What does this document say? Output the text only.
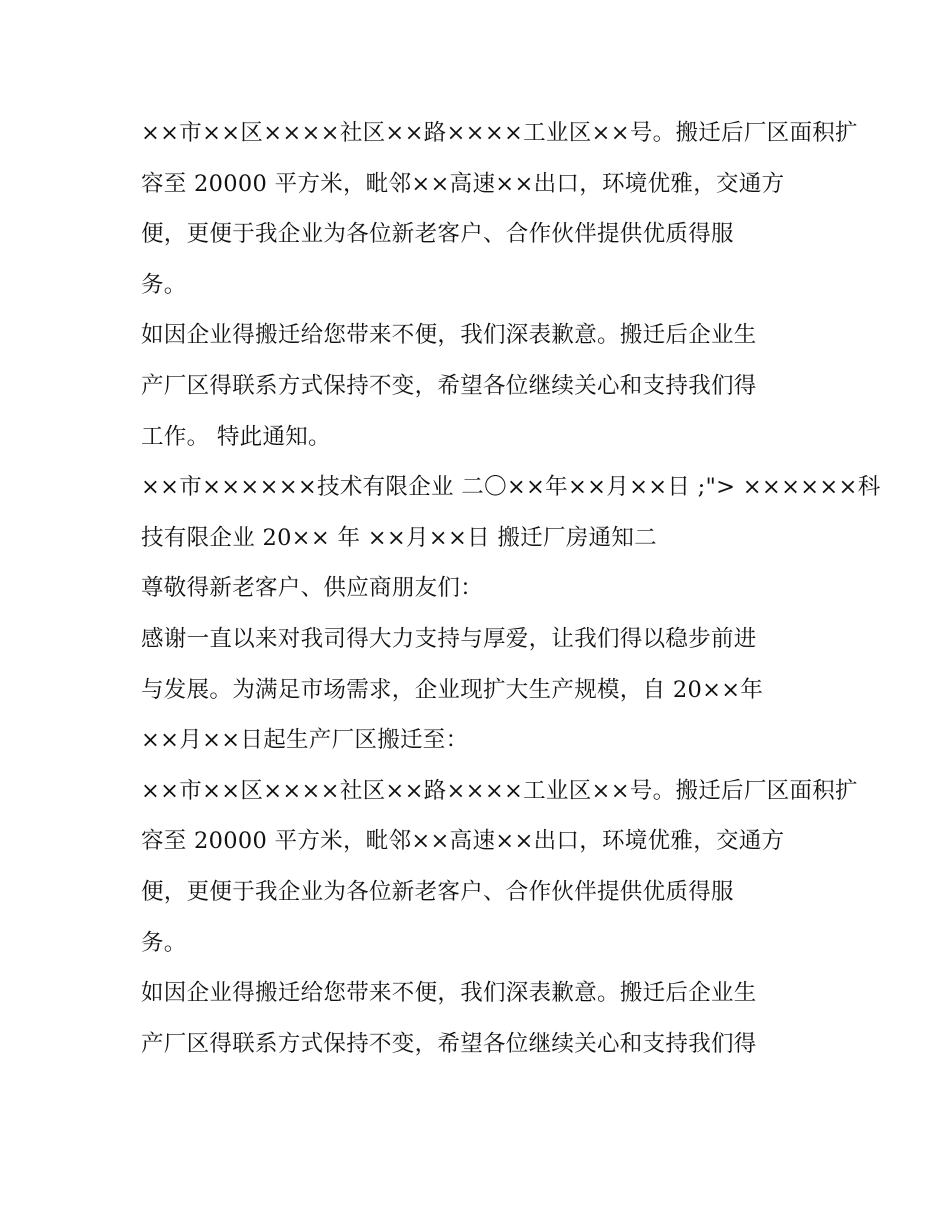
××市××区××××社区××路××××工业区××号。搬迁后厂区面积扩
容至 20000 平方米，毗邻××高速××出口，环境优雅，交通方
便，更便于我企业为各位新老客户、合作伙伴提供优质得服
务。
如因企业得搬迁给您带来不便，我们深表歉意。搬迁后企业生
产厂区得联系方式保持不变，希望各位继续关心和支持我们得
工作。 特此通知。
××市××××××技术有限企业 二〇××年××月××日 ;"> ××××××科
技有限企业 20×× 年 ××月××日 搬迁厂房通知二
尊敬得新老客户、供应商朋友们：
感谢一直以来对我司得大力支持与厚爱，让我们得以稳步前进
与发展。为满足市场需求，企业现扩大生产规模，自 20××年
××月××日起生产厂区搬迁至：
××市××区××××社区××路××××工业区××号。搬迁后厂区面积扩
容至 20000 平方米，毗邻××高速××出口，环境优雅，交通方
便，更便于我企业为各位新老客户、合作伙伴提供优质得服
务。
如因企业得搬迁给您带来不便，我们深表歉意。搬迁后企业生
产厂区得联系方式保持不变，希望各位继续关心和支持我们得
